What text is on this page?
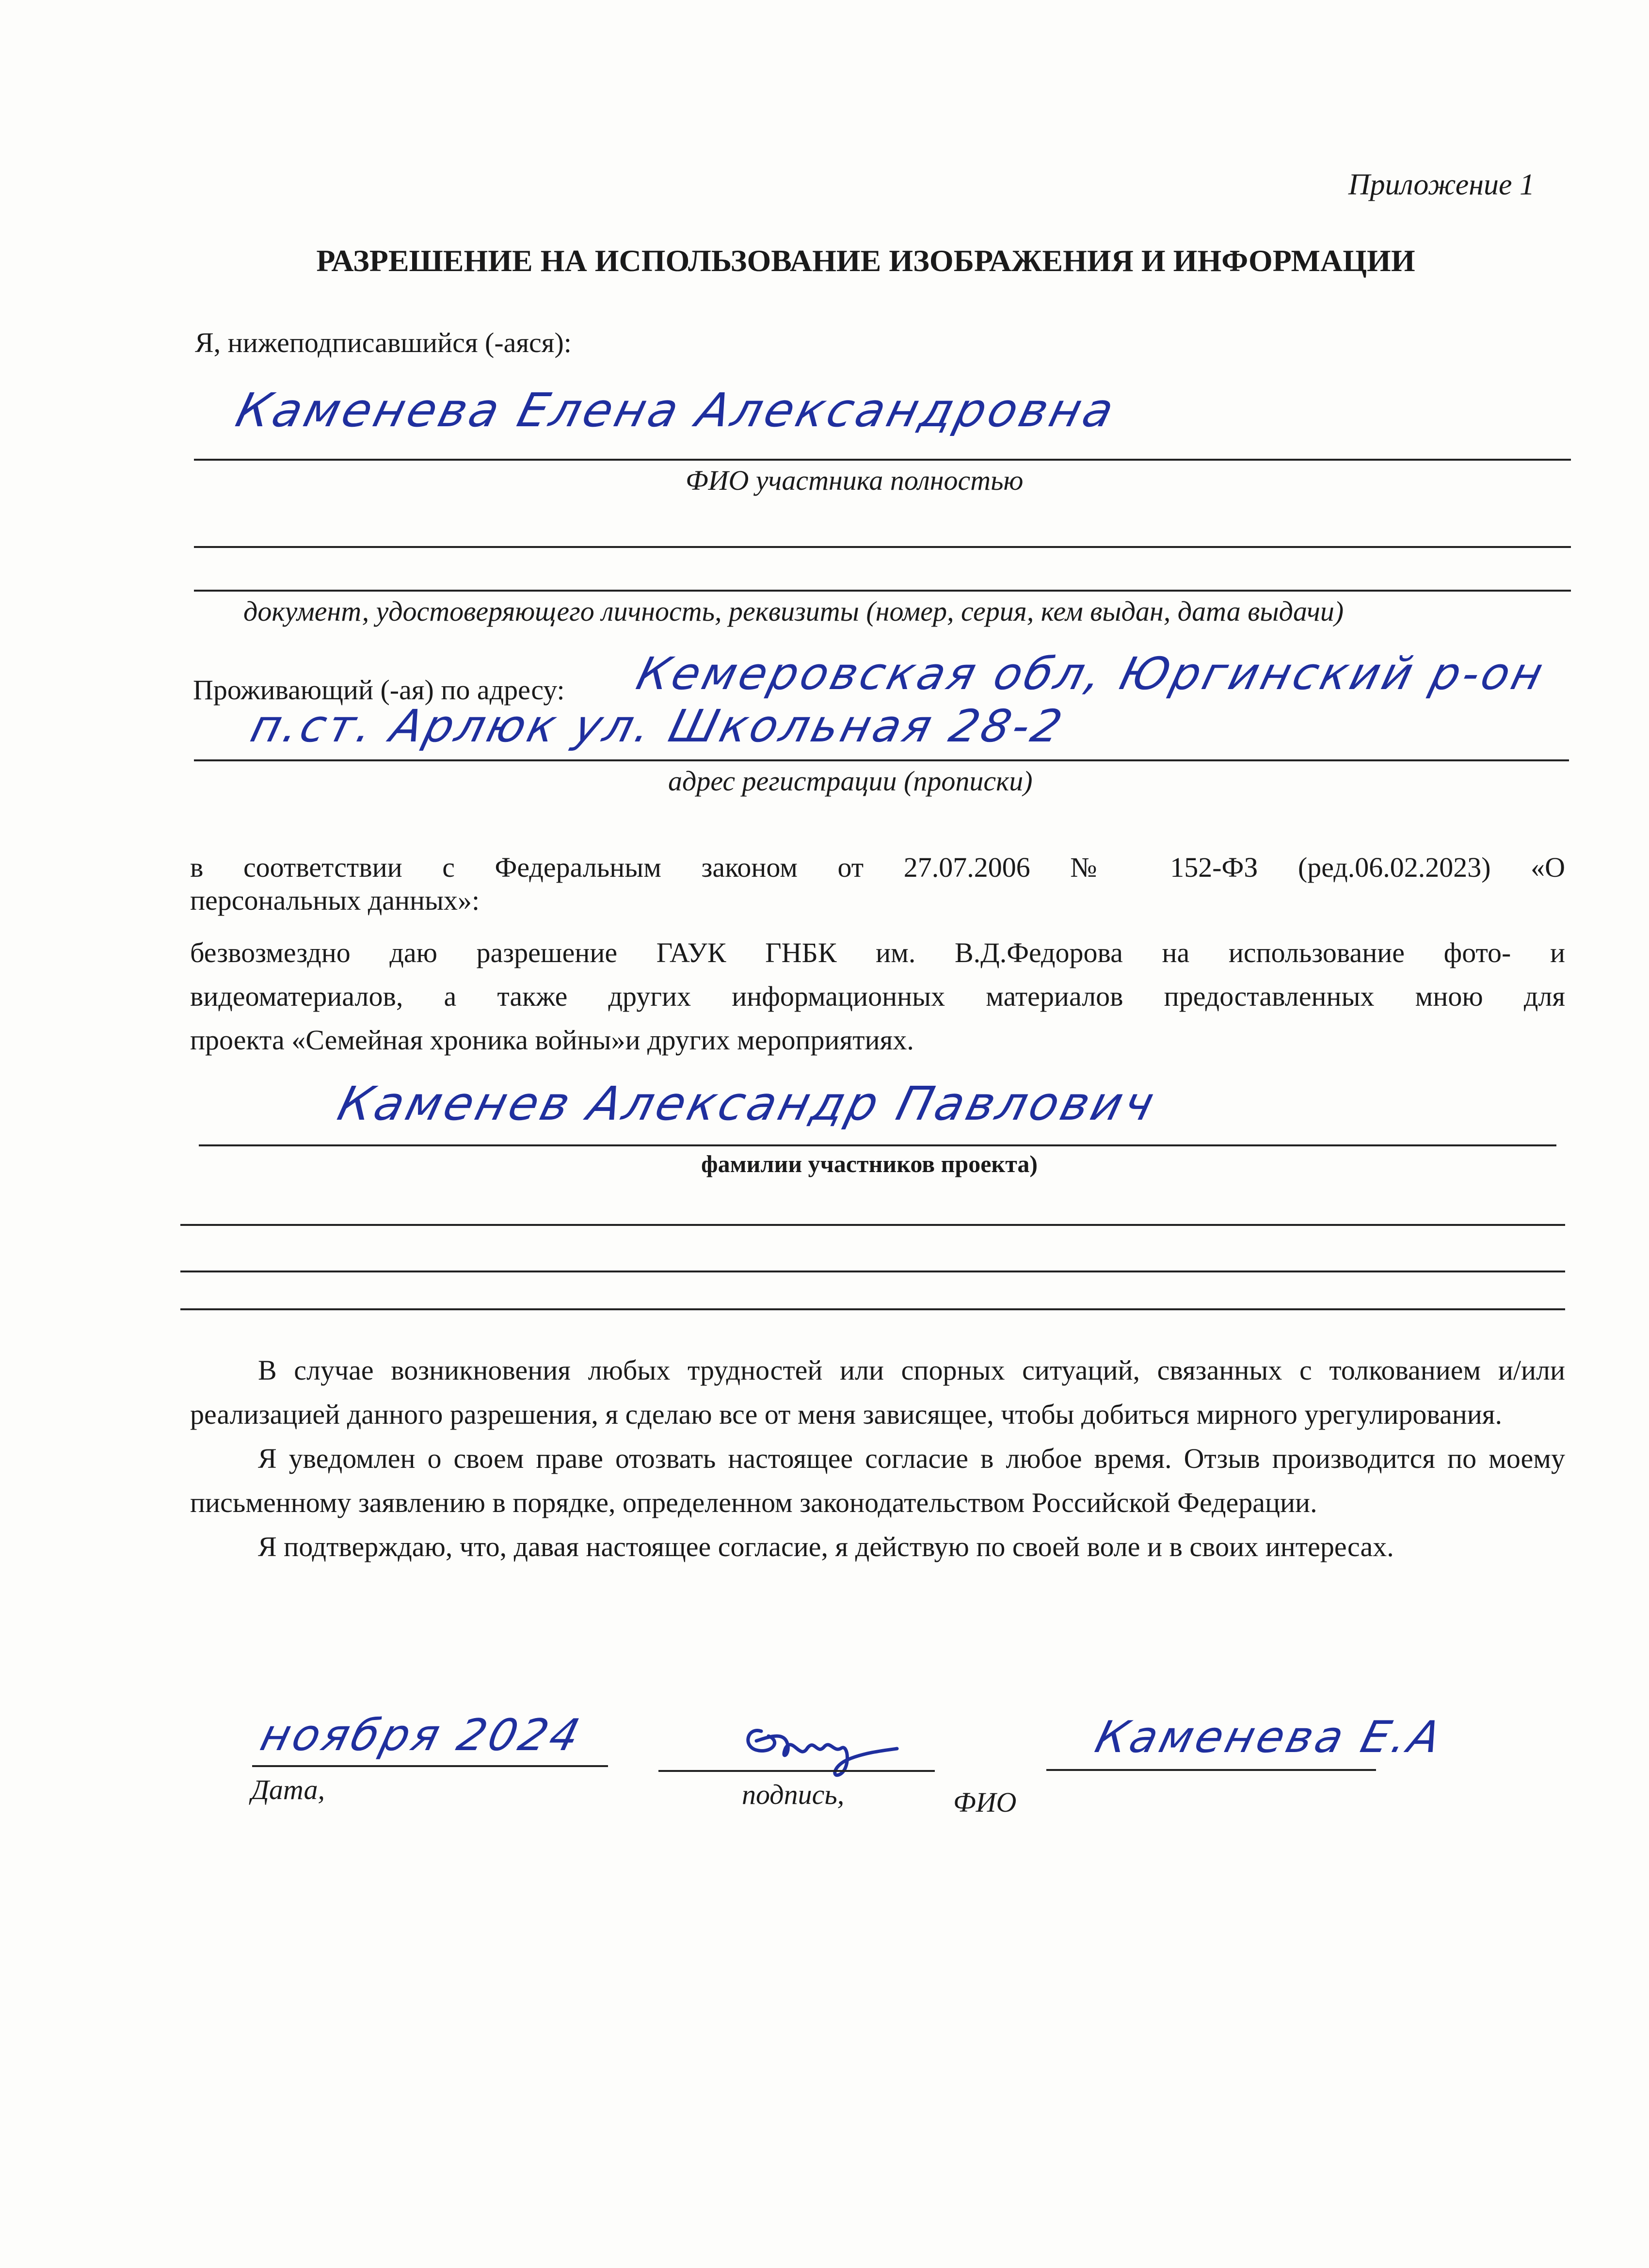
Приложение 1
РАЗРЕШЕНИЕ НА ИСПОЛЬЗОВАНИЕ ИЗОБРАЖЕНИЯ И ИНФОРМАЦИИ
Я, нижеподписавшийся (-аяся):
Каменева Елена Александровна
ФИО участника полностью
документ, удостоверяющего личность, реквизиты (номер, серия, кем выдан, дата выдачи)
Проживающий (-ая) по адресу: Кемеровская обл, Юргинский р-он
п.ст. Арлюк ул. Школьная 28-2
адрес регистрации (прописки)
в соответствии с Федеральным законом от 27.07.2006 № 152-ФЗ (ред.06.02.2023) «О
персональных данных»:
безвозмездно даю разрешение ГАУК ГНБК им. В.Д.Федорова на использование фото- и
видеоматериалов, а также других информационных материалов предоставленных мною для
проекта «Семейная хроника войны»и других мероприятиях.
Каменев Александр Павлович
фамилии участников проекта)

В случае возникновения любых трудностей или спорных ситуаций, связанных с толкованием и/или реализацией данного разрешения, я сделаю все от меня зависящее, чтобы добиться мирного урегулирования.

Я уведомлен о своем праве отозвать настоящее согласие в любое время. Отзыв производится по моему письменному заявлению в порядке, определенном законодательством Российской Федерации.

Я подтверждаю, что, давая настоящее согласие, я действую по своей воле и в своих интересах.

ноября 2024
Дата,	подпись,
Каменева Е.А
ФИО
